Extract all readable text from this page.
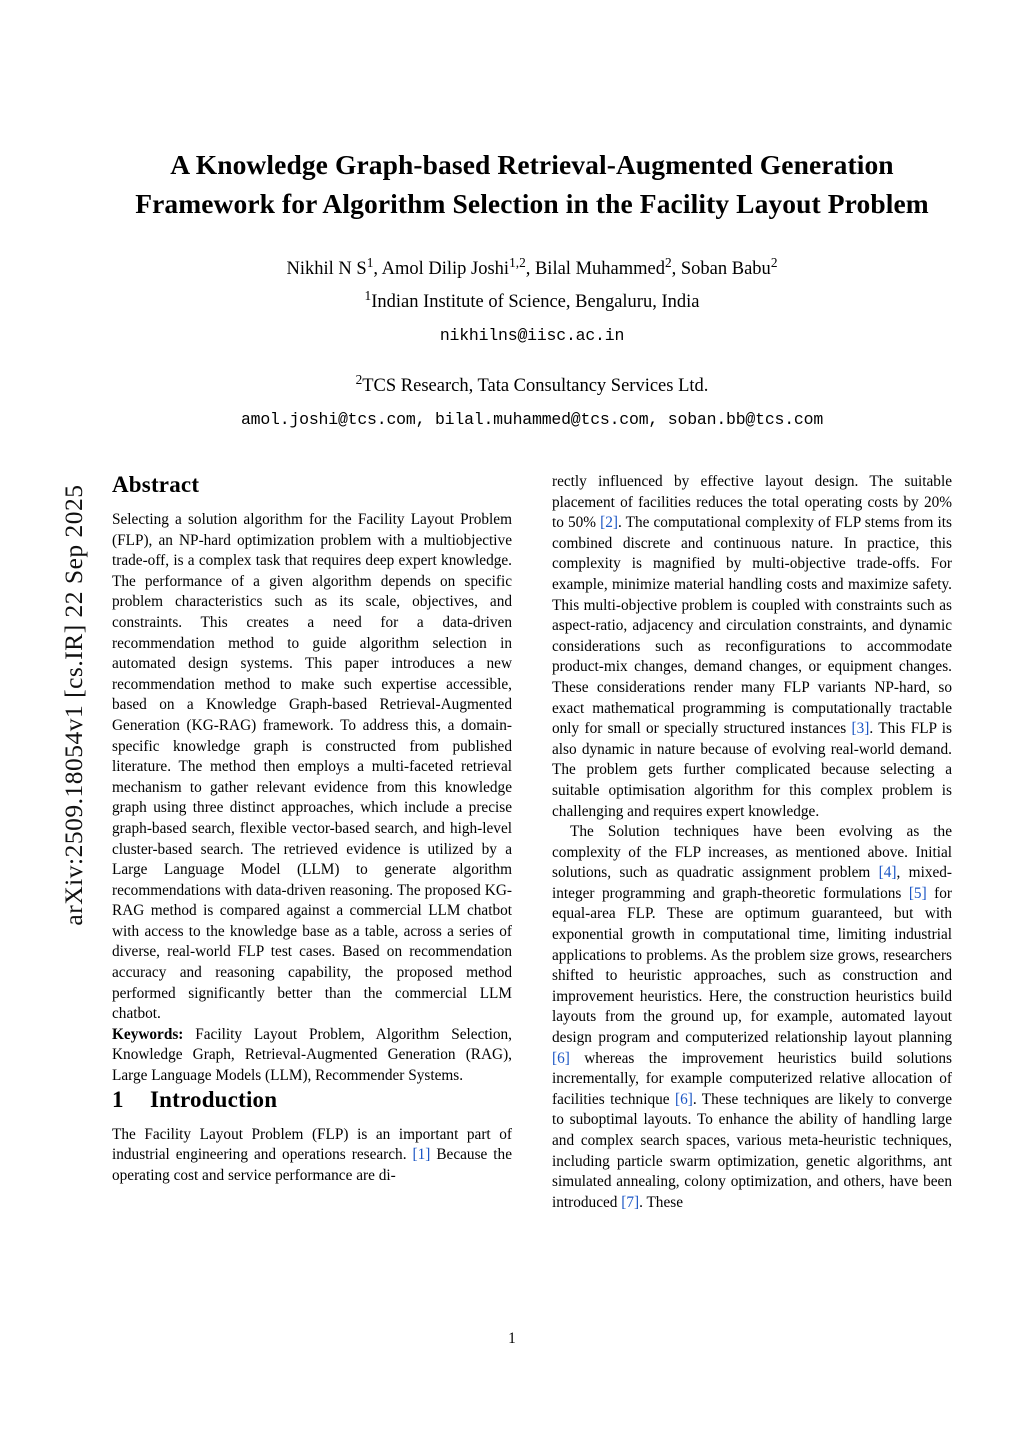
arXiv:2509.18054v1 [cs.IR] 22 Sep 2025
A Knowledge Graph-based Retrieval-Augmented Generation Framework for Algorithm Selection in the Facility Layout Problem
Nikhil N $S^1$, Amol Dilip Joshi$^{1,2}$, Bilal Muhammed$^2$, Soban Babu$^2$
$^1$Indian Institute of Science, Bengaluru, India
nikhilns@iisc.ac.in
$^2$TCS Research, Tata Consultancy Services Ltd.
amol.joshi@tcs.com, bilal.muhammed@tcs.com, soban.bb@tcs.com
Abstract

Selecting a solution algorithm for the Facility Layout Problem (FLP), an NP-hard optimization problem with a multiobjective trade-off, is a complex task that requires deep expert knowledge. The performance of a given algorithm depends on specific problem characteristics such as its scale, objectives, and constraints. This creates a need for a data-driven recommendation method to guide algorithm selection in automated design systems. This paper introduces a new recommendation method to make such expertise accessible, based on a Knowledge Graph-based Retrieval-Augmented Generation (KG-RAG) framework. To address this, a domain-specific knowledge graph is constructed from published literature. The method then employs a multi-faceted retrieval mechanism to gather relevant evidence from this knowledge graph using three distinct approaches, which include a precise graph-based search, flexible vector-based search, and high-level cluster-based search. The retrieved evidence is utilized by a Large Language Model (LLM) to generate algorithm recommendations with data-driven reasoning. The proposed KG-RAG method is compared against a commercial LLM chatbot with access to the knowledge base as a table, across a series of diverse, real-world FLP test cases. Based on recommendation accuracy and reasoning capability, the proposed method performed significantly better than the commercial LLM chatbot.

Keywords: Facility Layout Problem, Algorithm Selection, Knowledge Graph, Retrieval-Augmented Generation (RAG), Large Language Models (LLM), Recommender Systems.

1 Introduction

The Facility Layout Problem (FLP) is an important part of industrial engineering and operations research. [1] Because the operating cost and service performance are di-

rectly influenced by effective layout design. The suitable placement of facilities reduces the total operating costs by 20% to 50% [2]. The computational complexity of FLP stems from its combined discrete and continuous nature. In practice, this complexity is magnified by multi-objective trade-offs. For example, minimize material handling costs and maximize safety. This multi-objective problem is coupled with constraints such as aspect-ratio, adjacency and circulation constraints, and dynamic considerations such as reconfigurations to accommodate product-mix changes, demand changes, or equipment changes. These considerations render many FLP variants NP-hard, so exact mathematical programming is computationally tractable only for small or specially structured instances [3]. This FLP is also dynamic in nature because of evolving real-world demand. The problem gets further complicated because selecting a suitable optimisation algorithm for this complex problem is challenging and requires expert knowledge.

The Solution techniques have been evolving as the complexity of the FLP increases, as mentioned above. Initial solutions, such as quadratic assignment problem [4], mixed-integer programming and graph-theoretic formulations [5] for equal-area FLP. These are optimum guaranteed, but with exponential growth in computational time, limiting industrial applications to problems. As the problem size grows, researchers shifted to heuristic approaches, such as construction and improvement heuristics. Here, the construction heuristics build layouts from the ground up, for example, automated layout design program and computerized relationship layout planning [6] whereas the improvement heuristics build solutions incrementally, for example computerized relative allocation of facilities technique [6]. These techniques are likely to converge to suboptimal layouts. To enhance the ability of handling large and complex search spaces, various meta-heuristic techniques, including particle swarm optimization, genetic algorithms, ant simulated annealing, colony optimization, and others, have been introduced [7]. These

1
